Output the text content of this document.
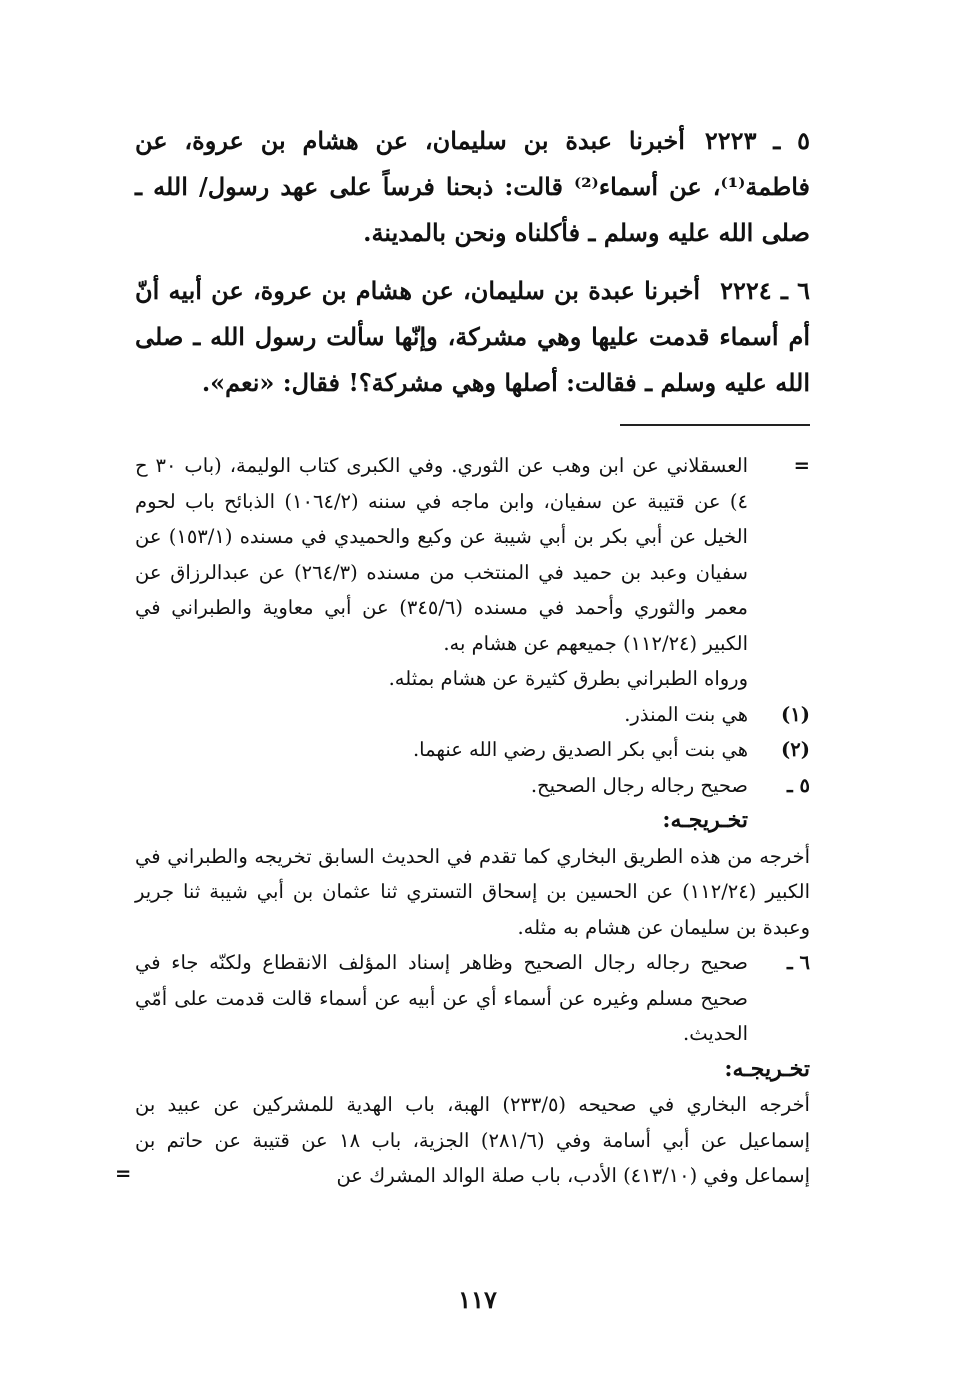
٥ ـ ٢٢٢٣أخبرنا عبدة بن سليمان، عن هشام بن عروة، عن فاطمة⁽¹⁾، عن أسماء⁽²⁾ قالت: ذبحنا فرساً على عهد رسول/ الله ـ صلى الله عليه وسلم ـ فأكلناه ونحن بالمدينة.

٦ ـ ٢٢٢٤أخبرنا عبدة بن سليمان، عن هشام بن عروة، عن أبيه أنّ أم أسماء قدمت عليها وهي مشركة، وإنّها سألت رسول الله ـ صلى الله عليه وسلم ـ فقالت: أصلها وهي مشركة؟! فقال: «نعم».

=
العسقلاني عن ابن وهب عن الثوري. وفي الكبرى كتاب الوليمة، (باب ٣٠ ح ٤) عن قتيبة عن سفيان، وابن ماجه في سننه (١٠٦٤/٢) الذبائح باب لحوم الخيل عن أبي بكر بن أبي شيبة عن وكيع والحميدي في مسنده (١٥٣/١) عن سفيان وعبد بن حميد في المنتخب من مسنده (٢٦٤/٣) عن عبدالرزاق عن معمر والثوري وأحمد في مسنده (٣٤٥/٦) عن أبي معاوية والطبراني في الكبير (١١٢/٢٤) جميعهم عن هشام به.
ورواه الطبراني بطرق كثيرة عن هشام بمثله.
(١)
هي بنت المنذر.
(٢)
هي بنت أبي بكر الصديق رضي الله عنهما.
٥ ـ
صحيح رجاله رجال الصحيح.
تخـريجـه:
أخرجه من هذه الطريق البخاري كما تقدم في الحديث السابق تخريجه والطبراني في الكبير (١١٢/٢٤) عن الحسين بن إسحاق التستري ثنا عثمان بن أبي شيبة ثنا جرير وعبدة بن سليمان عن هشام به مثله.
٦ ـ
صحيح رجاله رجال الصحيح وظاهر إسناد المؤلف الانقطاع ولكنّه جاء في صحيح مسلم وغيره عن أسماء أي عن أبيه عن أسماء قالت قدمت على أمّي الحديث.
تخـريجـه:
أخرجه البخاري في صحيحه (٢٣٣/٥) الهبة، باب الهدية للمشركين عن عبيد بن إسماعيل عن أبي أسامة وفي (٢٨١/٦) الجزية، باب ١٨ عن قتيبة عن حاتم بن إسماعل وفي (٤١٣/١٠) الأدب، باب صلة الوالد المشرك عن
=
١١٧
